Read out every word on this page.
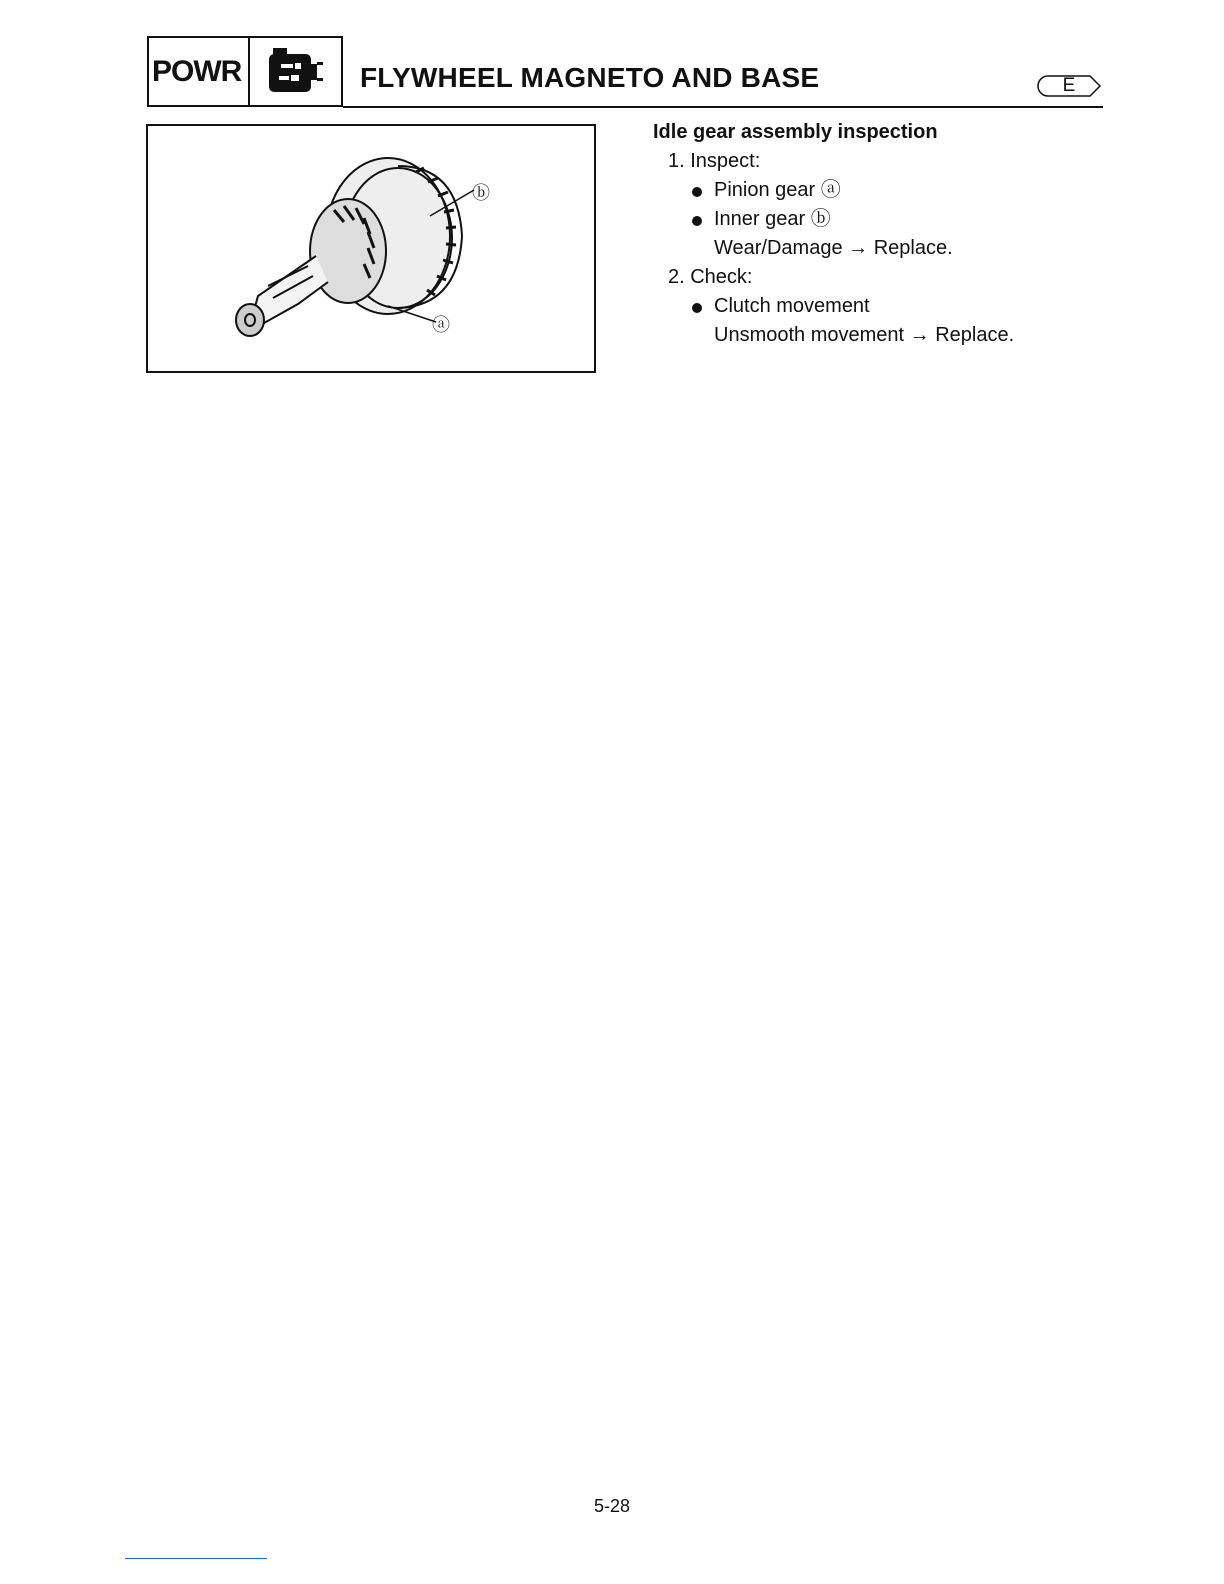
POWR	FLYWHEEL MAGNETO AND BASE	E
ⓑ
ⓐ
Idle gear assembly inspection
1. Inspect:
Pinion gear ⓐ
Inner gear ⓑ
Wear/Damage → Replace.
2. Check:
Clutch movement
Unsmooth movement → Replace.
5-28
